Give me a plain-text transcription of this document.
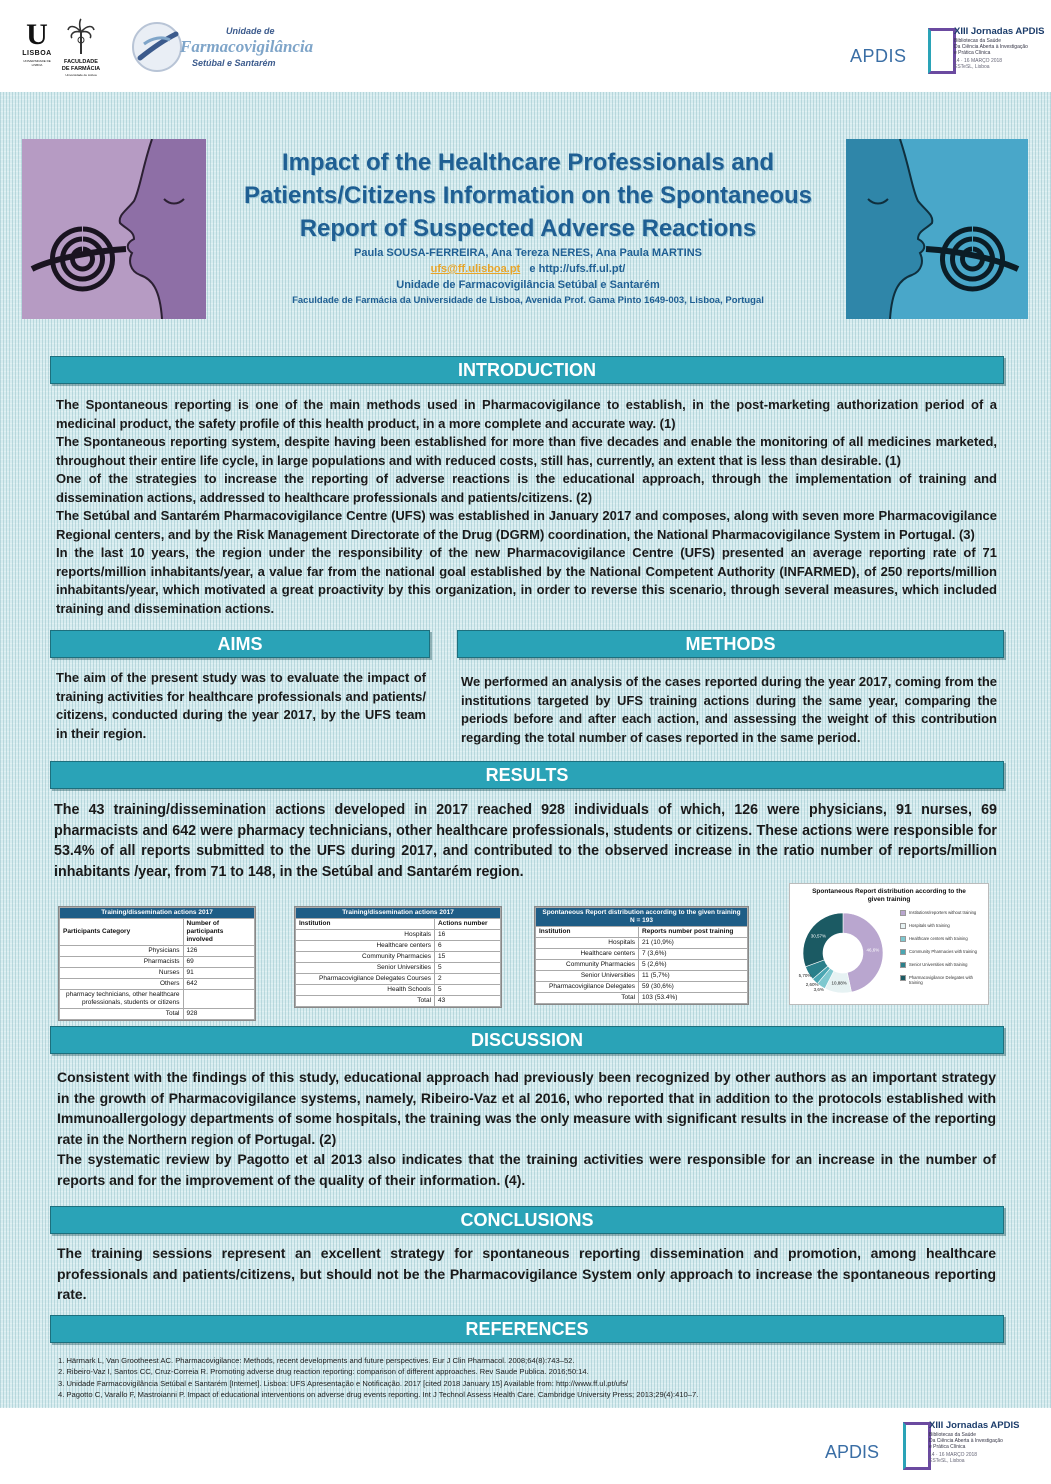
U
LISBOA
UNIVERSIDADE DE LISBOA	FACULDADE DE FARMÁCIA
Universidade de Lisboa
Unidade de
Farmacovigilância
Setúbal e Santarém	APDIS
XIII Jornadas APDIS
Bibliotecas da Saúde
Da Ciência Aberta à Investigação
e Prática Clínica
14 · 16 MARÇO 2018
ESTeSL, Lisboa
Impact of the Healthcare Professionals and
Patients/Citizens Information on the Spontaneous
Report of Suspected Adverse Reactions
Paula SOUSA-FERREIRA, Ana Tereza NERES, Ana Paula MARTINS
ufs@ff.ulisboa.pt e http://ufs.ff.ul.pt/
Unidade de Farmacovigilância Setúbal e Santarém
Faculdade de Farmácia da Universidade de Lisboa, Avenida Prof. Gama Pinto 1649-003, Lisboa, Portugal
INTRODUCTION

The Spontaneous reporting is one of the main methods used in Pharmacovigilance to establish, in the post-marketing authorization period of a medicinal product, the safety profile of this health product, in a more complete and accurate way. (1)

The Spontaneous reporting system, despite having been established for more than five decades and enable the monitoring of all medicines marketed, throughout their entire life cycle, in large populations and with reduced costs, still has, currently, an extent that is less than desirable. (1)

One of the strategies to increase the reporting of adverse reactions is the educational approach, through the implementation of training and dissemination actions, addressed to healthcare professionals and patients/citizens. (2)

The Setúbal and Santarém Pharmacovigilance Centre (UFS) was established in January 2017 and composes, along with seven more Pharmacovigilance Regional centers, and by the Risk Management Directorate of the Drug (DGRM) coordination, the National Pharmacovigilance System in Portugal. (3)

In the last 10 years, the region under the responsibility of the new Pharmacovigilance Centre (UFS) presented an average reporting rate of 71 reports/million inhabitants/year, a value far from the national goal established by the National Competent Authority (INFARMED), of 250 reports/million inhabitants/year, which motivated a great proactivity by this organization, in order to reverse this scenario, through several measures, which included training and dissemination actions.

AIMS
The aim of the present study was to evaluate the impact of training activities for healthcare professionals and patients/ citizens, conducted during the year 2017, by the UFS team in their region.
METHODS
We performed an analysis of the cases reported during the year 2017, coming from the institutions targeted by UFS training actions during the same year, comparing the periods before and after each action, and assessing the weight of this contribution regarding the total number of cases reported in the same period.
RESULTS
The 43 training/dissemination actions developed in 2017 reached 928 individuals of which, 126 were physicians, 91 nurses, 69 pharmacists and 642 were pharmacy technicians, other healthcare professionals, students or citizens. These actions were responsible for 53.4% of all reports submitted to the UFS during 2017, and contributed to the observed increase in the ratio number of reports/million inhabitants /year, from 71 to 148, in the Setúbal and Santarém region.
Training/dissemination actions 2017	
Participants Category	Number of participants involved
Physicians	126
Pharmacists	69
Nurses	91
Others	642
pharmacy technicians, other healthcare professionals, students or citizens	
Total	928
Training/dissemination actions 2017	
Institution	Actions number
Hospitals	16
Healthcare centers	6
Community Pharmacies	15
Senior Universities	5
Pharmacovigilance Delegates Courses	2
Health Schools	5
Total	43
Spontaneous Report distribution according to the given training
N = 193	

Institution	Reports number post training
Hospitals	21 (10,9%)
Healthcare centers	7 (3,6%)
Community Pharmacies	5 (2,6%)
Senior Universities	11 (5,7%)
Pharmacovigilance Delegates	59 (30,6%)
Total	103 (53.4%)
Spontaneous Report distribution according to the given training
46,6%
10,88%
3,6%
2,60%
5,70%
30,57%
Institutions/reporters without training
Hospitals with training
Healthcare centers with training
Community Pharmacies with training
Senior Universities with training
Pharmacovigilance Delegates with training
DISCUSSION

Consistent with the findings of this study, educational approach had previously been recognized by other authors as an important strategy in the growth of Pharmacovigilance systems, namely, Ribeiro-Vaz et al 2016, who reported that in addition to the protocols established with Immunoallergology departments of some hospitals, the training was the only measure with significant results in the increase of the reporting rate in the Northern region of Portugal. (2)

The systematic review by Pagotto et al 2013 also indicates that the training activities were responsible for an increase in the number of reports and for the improvement of the quality of their information. (4).

CONCLUSIONS
The training sessions represent an excellent strategy for spontaneous reporting dissemination and promotion, among healthcare professionals and patients/citizens, but should not be the Pharmacovigilance System only approach to increase the spontaneous reporting rate.
REFERENCES

1. Härmark L, Van Grootheest AC. Pharmacovigilance: Methods, recent developments and future perspectives. Eur J Clin Pharmacol. 2008;64(8):743–52.

2. Ribeiro-Vaz I, Santos CC, Cruz-Correia R. Promoting adverse drug reaction reporting: comparison of different approaches. Rev Saude Publica. 2016;50:14.

3. Unidade Farmacovigilância Setúbal e Santarém [Internet]. Lisboa: UFS Apresentação e Notificação. 2017 [cited 2018 January 15] Available from: http://www.ff.ul.pt/ufs/

4. Pagotto C, Varallo F, Mastroianni P. Impact of educational interventions on adverse drug events reporting. Int J Technol Assess Health Care. Cambridge University Press; 2013;29(4):410–7.

APDIS
XIII Jornadas APDIS
Bibliotecas da Saúde
Da Ciência Aberta à Investigação
e Prática Clínica
14 · 16 MARÇO 2018
ESTeSL, Lisboa
